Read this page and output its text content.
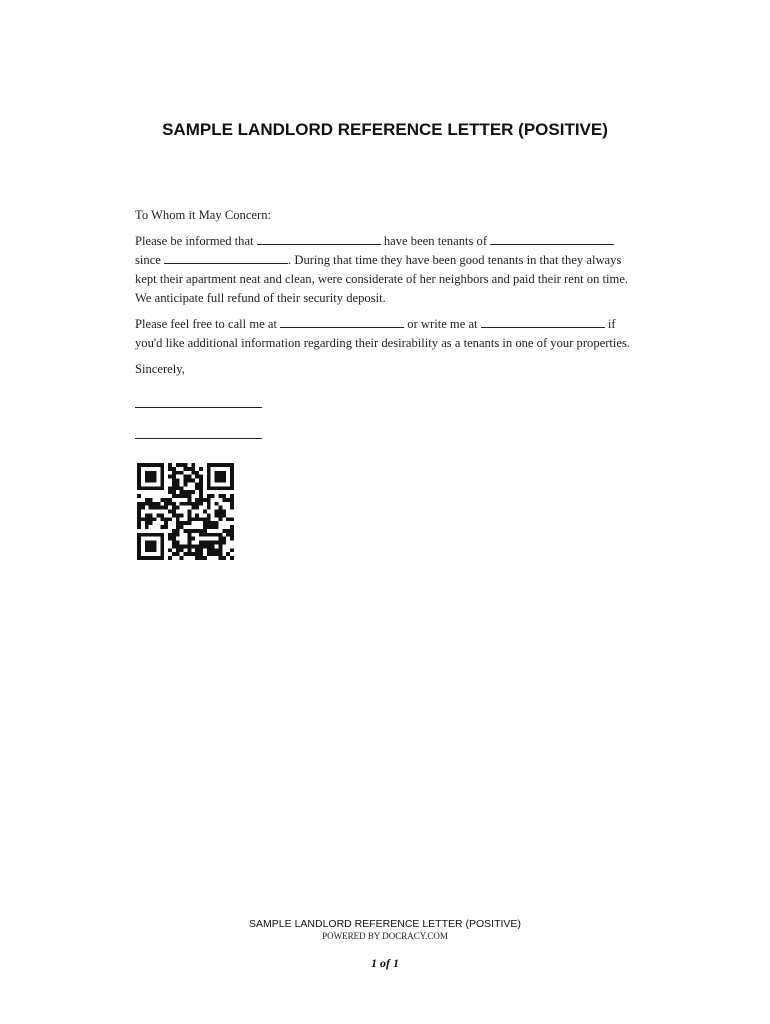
SAMPLE LANDLORD REFERENCE LETTER (POSITIVE)

To Whom it May Concern:

Please be informed that	have been tenants of
since	. During that time they have been good tenants in that they always
kept their apartment neat and clean, were considerate of her neighbors and paid their rent on time.
We anticipate full refund of their security deposit.

Please feel free to call me at	or write me at	if
you'd like additional information regarding their desirability as a tenants in one of your properties.

Sincerely,

SAMPLE LANDLORD REFERENCE LETTER (POSITIVE)
POWERED BY DOCRACY.COM
1 of 1
